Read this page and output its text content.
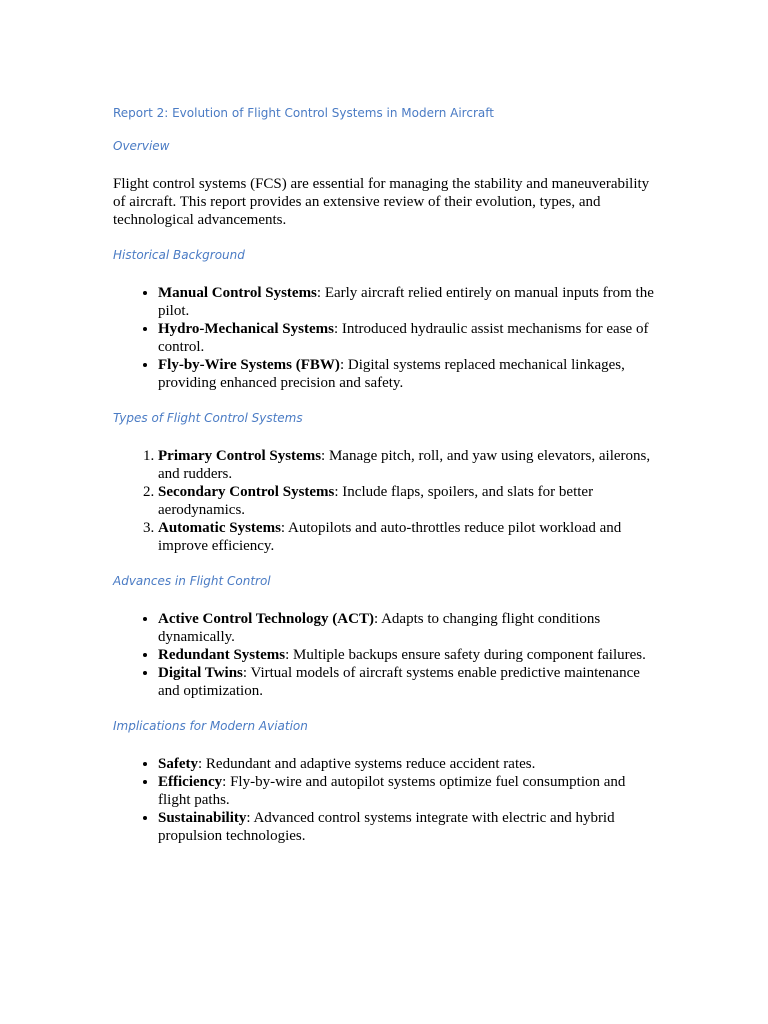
Report 2: Evolution of Flight Control Systems in Modern Aircraft

Overview

Flight control systems (FCS) are essential for managing the stability and maneuverability of aircraft. This report provides an extensive review of their evolution, types, and technological advancements.

Historical Background

• Manual Control Systems: Early aircraft relied entirely on manual inputs from the pilot.
• Hydro-Mechanical Systems: Introduced hydraulic assist mechanisms for ease of control.
• Fly-by-Wire Systems (FBW): Digital systems replaced mechanical linkages, providing enhanced precision and safety.

Types of Flight Control Systems

1. Primary Control Systems: Manage pitch, roll, and yaw using elevators, ailerons, and rudders.
2. Secondary Control Systems: Include flaps, spoilers, and slats for better aerodynamics.
3. Automatic Systems: Autopilots and auto-throttles reduce pilot workload and improve efficiency.

Advances in Flight Control

• Active Control Technology (ACT): Adapts to changing flight conditions dynamically.
• Redundant Systems: Multiple backups ensure safety during component failures.
• Digital Twins: Virtual models of aircraft systems enable predictive maintenance and optimization.

Implications for Modern Aviation

• Safety: Redundant and adaptive systems reduce accident rates.
• Efficiency: Fly-by-wire and autopilot systems optimize fuel consumption and flight paths.
• Sustainability: Advanced control systems integrate with electric and hybrid propulsion technologies.
